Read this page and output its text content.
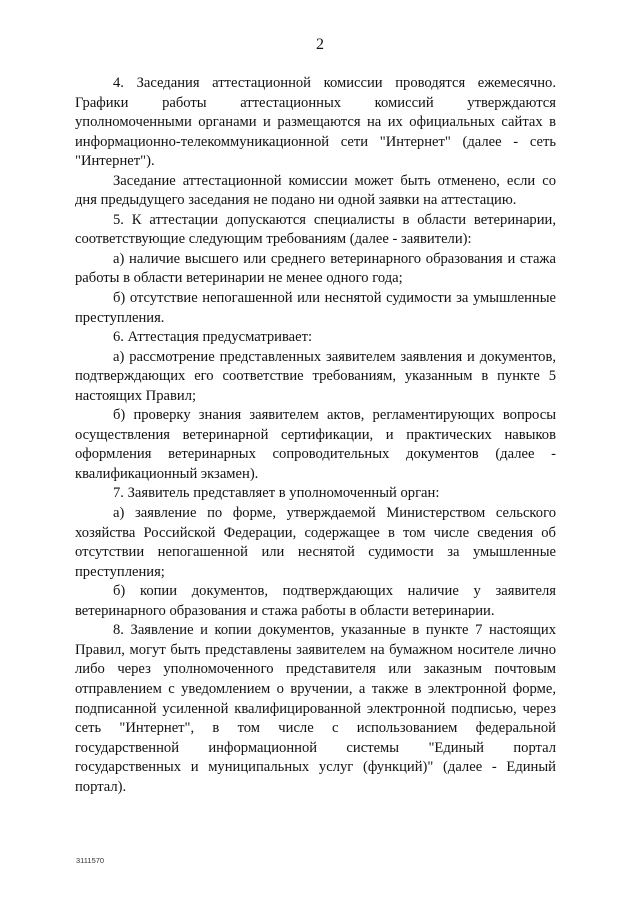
2

4. Заседания аттестационной комиссии проводятся ежемесячно. Графики работы аттестационных комиссий утверждаются уполномоченными органами и размещаются на их официальных сайтах в информационно-телекоммуникационной сети "Интернет" (далее - сеть "Интернет").

Заседание аттестационной комиссии может быть отменено, если со дня предыдущего заседания не подано ни одной заявки на аттестацию.

5. К аттестации допускаются специалисты в области ветеринарии, соответствующие следующим требованиям (далее - заявители):

а) наличие высшего или среднего ветеринарного образования и стажа работы в области ветеринарии не менее одного года;

б) отсутствие непогашенной или неснятой судимости за умышленные преступления.

6. Аттестация предусматривает:

а) рассмотрение представленных заявителем заявления и документов, подтверждающих его соответствие требованиям, указанным в пункте 5 настоящих Правил;

б) проверку знания заявителем актов, регламентирующих вопросы осуществления ветеринарной сертификации, и практических навыков оформления ветеринарных сопроводительных документов (далее - квалификационный экзамен).

7. Заявитель представляет в уполномоченный орган:

а) заявление по форме, утверждаемой Министерством сельского хозяйства Российской Федерации, содержащее в том числе сведения об отсутствии непогашенной или неснятой судимости за умышленные преступления;

б) копии документов, подтверждающих наличие у заявителя ветеринарного образования и стажа работы в области ветеринарии.

8. Заявление и копии документов, указанные в пункте 7 настоящих Правил, могут быть представлены заявителем на бумажном носителе лично либо через уполномоченного представителя или заказным почтовым отправлением с уведомлением о вручении, а также в электронной форме, подписанной усиленной квалифицированной электронной подписью, через сеть "Интернет", в том числе с использованием федеральной государственной информационной системы "Единый портал государственных и муниципальных услуг (функций)" (далее - Единый портал).

3111570
